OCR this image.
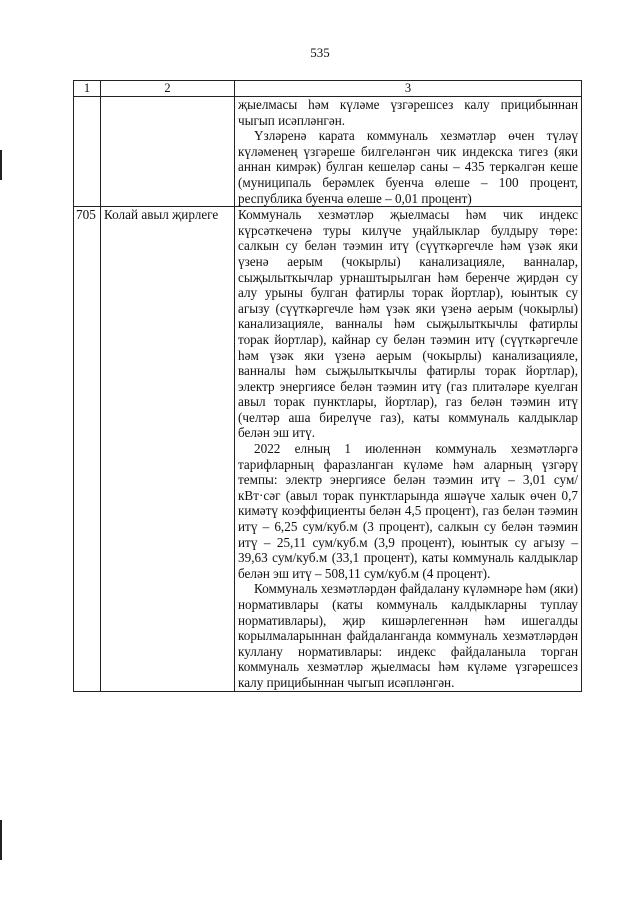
535
1	2	3

		җыелмасы һәм күләме үзгәрешсез калу прицибыннан чыгып исәпләнгән.

Үзләренә карата коммуналь хезмәтләр өчен түләү күләменең үзгәреше билгеләнгән чик индекска тигез (яки аннан кимрәк) булган кешеләр саны – 435 теркәлгән кеше (муниципаль берәмлек буенча өлеше – 100 процент, республика буенча өлеше – 0,01 процент)

705	Колай авыл җирлеге	Коммуналь хезмәтләр җыелмасы һәм чик индекс күрсәткеченә туры килүче уңайлыклар булдыру төре: салкын су белән тәэмин итү (сүүткәргечле һәм үзәк яки үзенә аерым (чокырлы) канализацияле, ванналар, сыҗылыткычлар урнаштырылган һәм беренче җирдән су алу урыны булган фатирлы торак йортлар), юынтык су агызу (сүүткәргечле һәм үзәк яки үзенә аерым (чокырлы) канализацияле, ванналы һәм сыҗылыткычлы фатирлы торак йортлар), кайнар су белән тәэмин итү (сүүткәргечле һәм үзәк яки үзенә аерым (чокырлы) канализацияле, ванналы һәм сыҗылыткычлы фатирлы торак йортлар), электр энергиясе белән тәэмин итү (газ плитәләре куелган авыл торак пунктлары, йортлар), газ белән тәэмин итү (челтәр аша бирелүче газ), каты коммуналь калдыклар белән эш итү.

2022 елның 1 июленнән коммуналь хезмәтләргә тарифларның фаразланган күләме һәм аларның үзгәрү темпы: электр энергиясе белән тәэмин итү – 3,01 сум/кВт·сәг (авыл торак пунктларында яшәүче халык өчен 0,7 кимәтү коэффициенты белән 4,5 процент), газ белән тәэмин итү – 6,25 сум/куб.м (3 процент), салкын су белән тәэмин итү – 25,11 сум/куб.м (3,9 процент), юынтык су агызу – 39,63 сум/куб.м (33,1 процент), каты коммуналь калдыклар белән эш итү – 508,11 сум/куб.м (4 процент).

Коммуналь хезмәтләрдән файдалану күләмнәре һәм (яки) нормативлары (каты коммуналь калдыкларны туплау нормативлары), җир кишәрлегеннән һәм ишегалды корылмаларыннан файдаланганда коммуналь хезмәтләрдән куллану нормативлары: индекс файдаланыла торган коммуналь хезмәтләр җыелмасы һәм күләме үзгәрешсез калу прицибыннан чыгып исәпләнгән.
